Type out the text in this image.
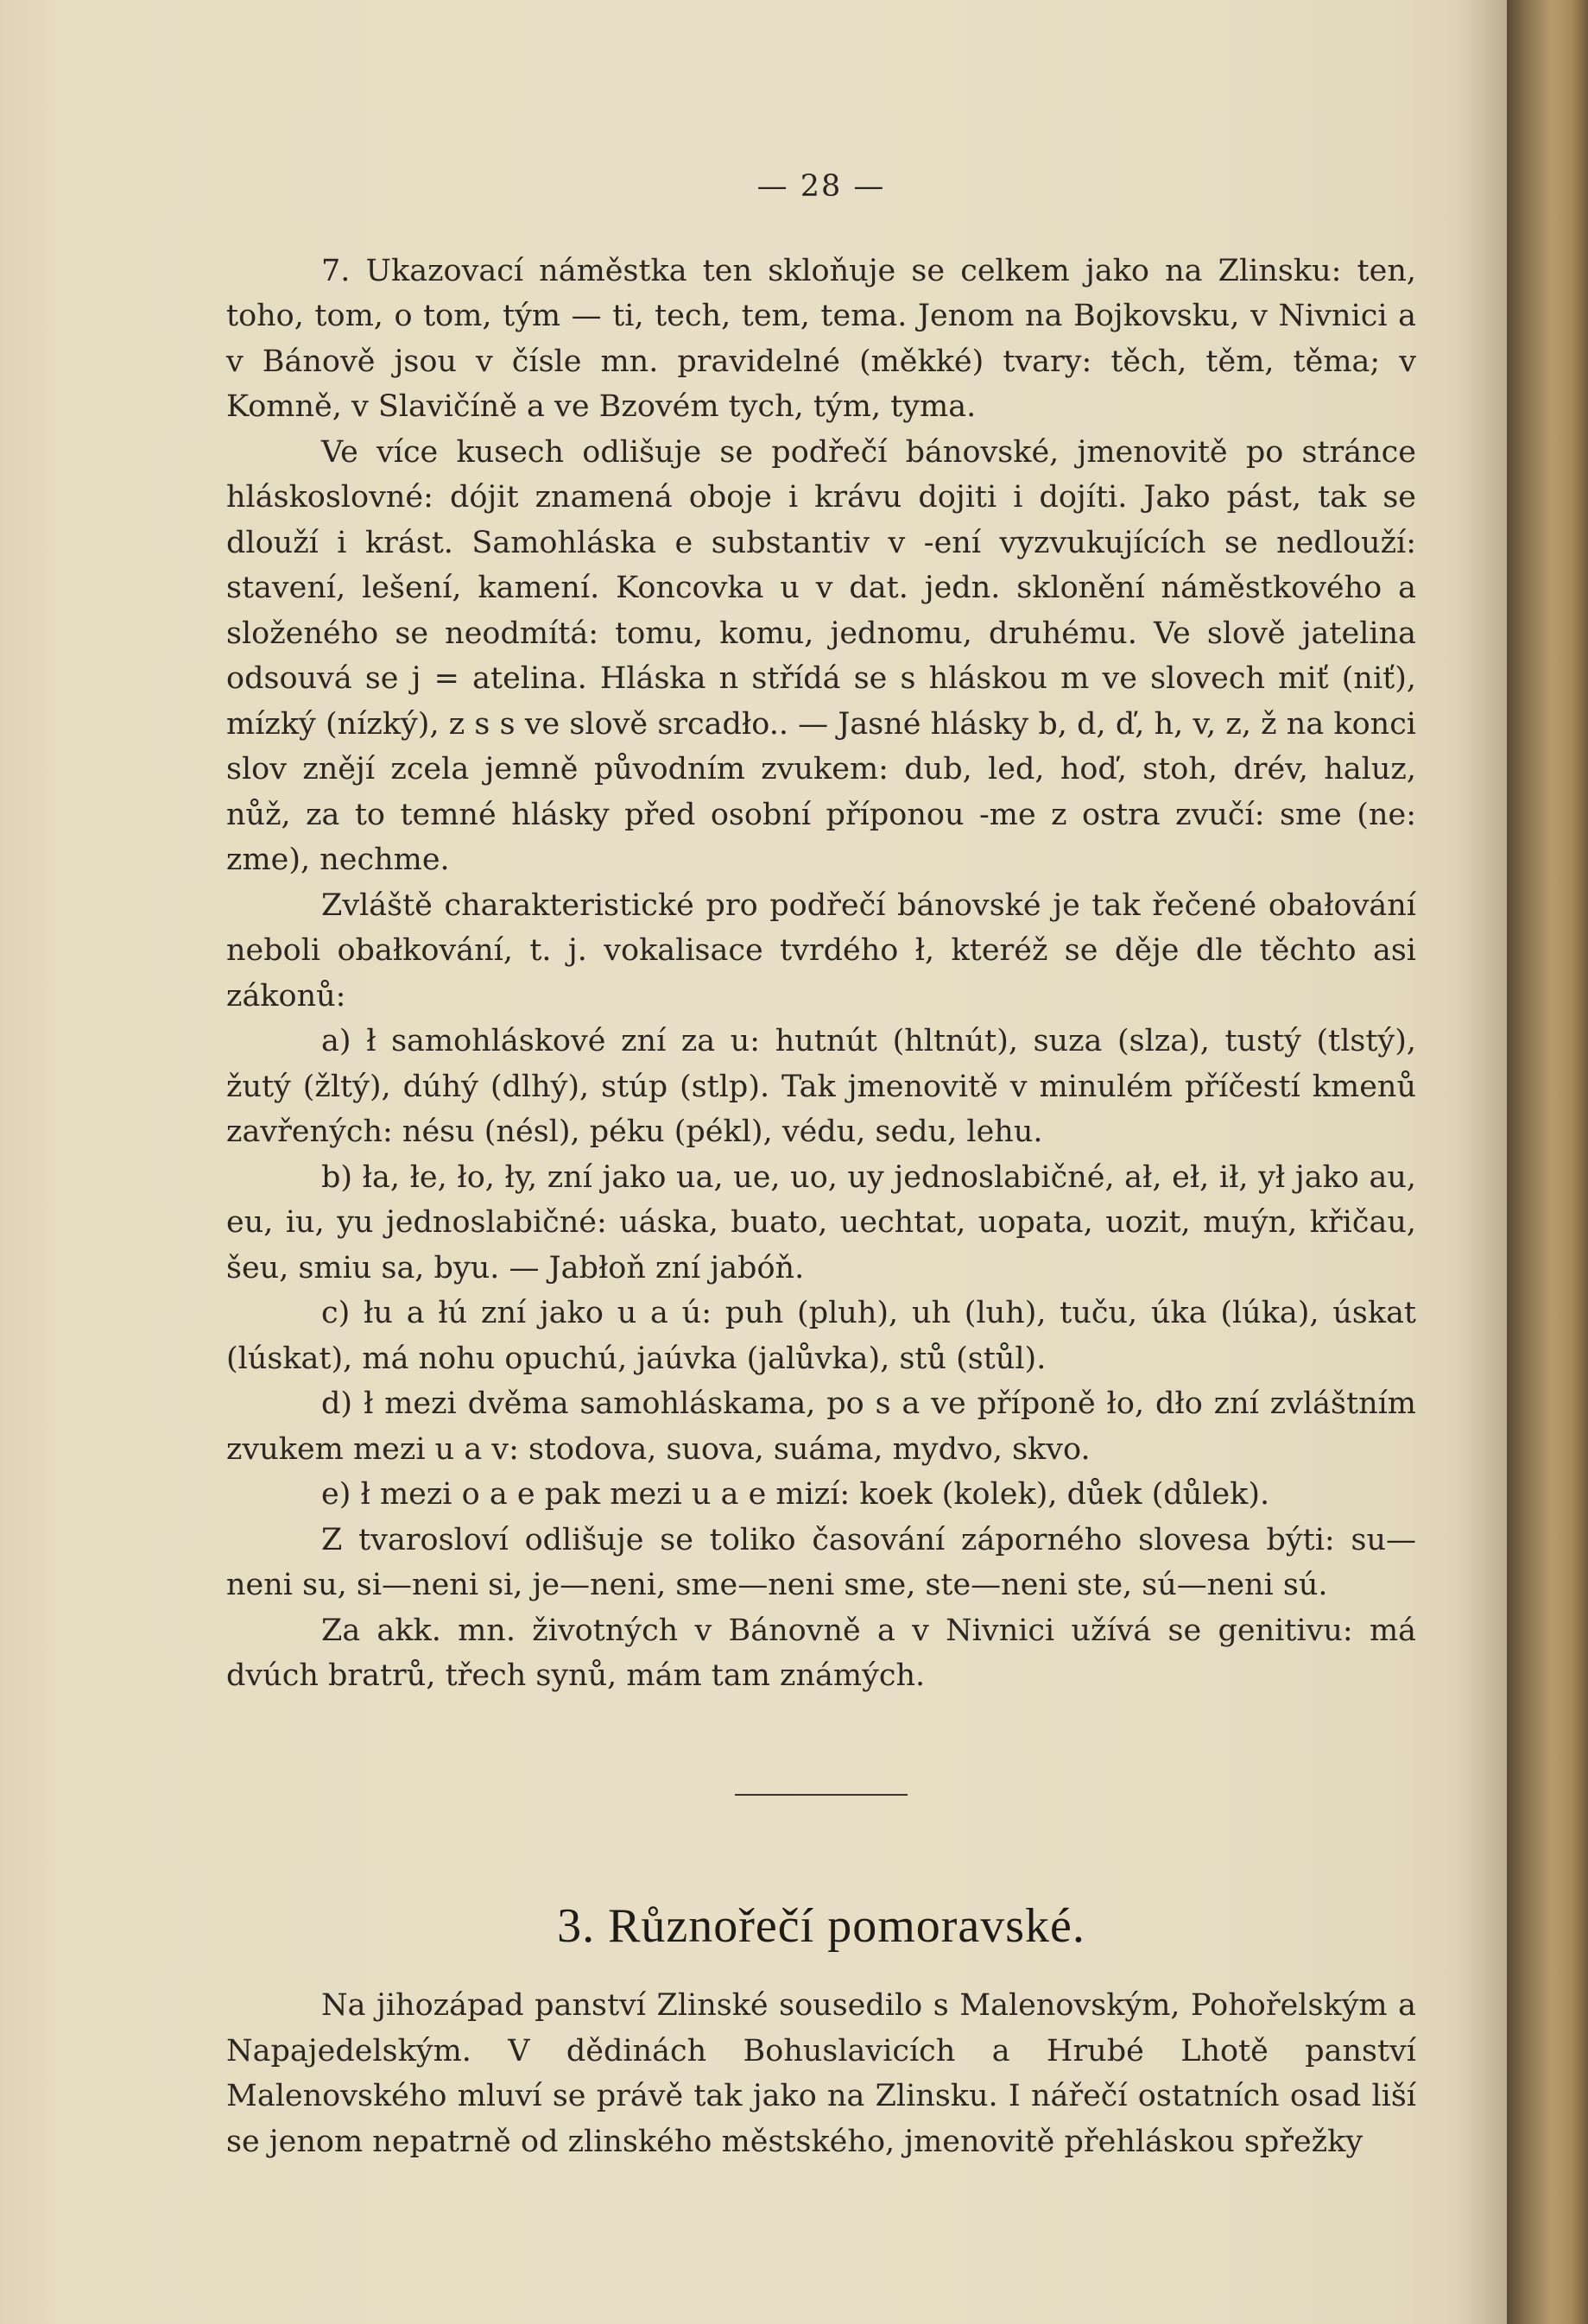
— 28 —

7. Ukazovací náměstka ten skloňuje se celkem jako na Zlinsku: ten, toho, tom, o tom, tým — ti, tech, tem, tema. Jenom na Bojkovsku, v Nivnici a v Bánově jsou v čísle mn. pravidelné (měkké) tvary: těch, těm, těma; v Komně, v Slavičíně a ve Bzovém tych, tým, tyma.

Ve více kusech odlišuje se podřečí bánovské, jmenovitě po stránce hláskoslovné: dójit znamená oboje i krávu dojiti i dojíti. Jako pást, tak se dlouží i krást. Samohláska e substantiv v -ení vyzvukujících se nedlouží: stavení, lešení, kamení. Koncovka u v dat. jedn. sklonění náměstkového a složeného se neodmítá: tomu, komu, jednomu, druhému. Ve slově jatelina odsouvá se j = atelina. Hláska n střídá se s hláskou m ve slovech miť (niť), mízký (nízký), z s s ve slově srcadło.. — Jasné hlásky b, d, ď, h, v, z, ž na konci slov znějí zcela jemně původním zvukem: dub, led, hoď, stoh, drév, haluz, nůž, za to temné hlásky před osobní příponou -me z ostra zvučí: sme (ne: zme), nechme.

Zvláště charakteristické pro podřečí bánovské je tak řečené obałování neboli obałkování, t. j. vokalisace tvrdého ł, kteréž se děje dle těchto asi zákonů:

a) ł samohláskové zní za u: hutnút (hltnút), suza (slza), tustý (tlstý), žutý (žltý), dúhý (dlhý), stúp (stlp). Tak jmenovitě v minulém příčestí kmenů zavřených: nésu (nésl), péku (pékl), védu, sedu, lehu.

b) ła, łe, ło, ły, zní jako ua, ue, uo, uy jednoslabičné, ał, eł, ił, ył jako au, eu, iu, yu jednoslabičné: uáska, buato, uechtat, uopata, uozit, muýn, křičau, šeu, smiu sa, byu. — Jabłoň zní jabóň.

c) łu a łú zní jako u a ú: puh (pluh), uh (luh), tuču, úka (lúka), úskat (lúskat), má nohu opuchú, jaúvka (jalůvka), stů (stůl).

d) ł mezi dvěma samohláskama, po s a ve příponě ło, dło zní zvláštním zvukem mezi u a v: stodova, suova, suáma, mydvo, skvo.

e) ł mezi o a e pak mezi u a e mizí: koek (kolek), důek (důlek).

Z tvarosloví odlišuje se toliko časování záporného slovesa býti: su—neni su, si—neni si, je—neni, sme—neni sme, ste—neni ste, sú—neni sú.

Za akk. mn. životných v Bánovně a v Nivnici užívá se genitivu: má dvúch bratrů, třech synů, mám tam známých.

3. Různořečí pomoravské.

Na jihozápad panství Zlinské sousedilo s Malenovským, Pohořelským a Napajedelským. V dědinách Bohuslavicích a Hrubé Lhotě panství Malenovského mluví se právě tak jako na Zlinsku. I nářečí ostatních osad liší se jenom nepatrně od zlinského městského, jmenovitě přehláskou spřežky
